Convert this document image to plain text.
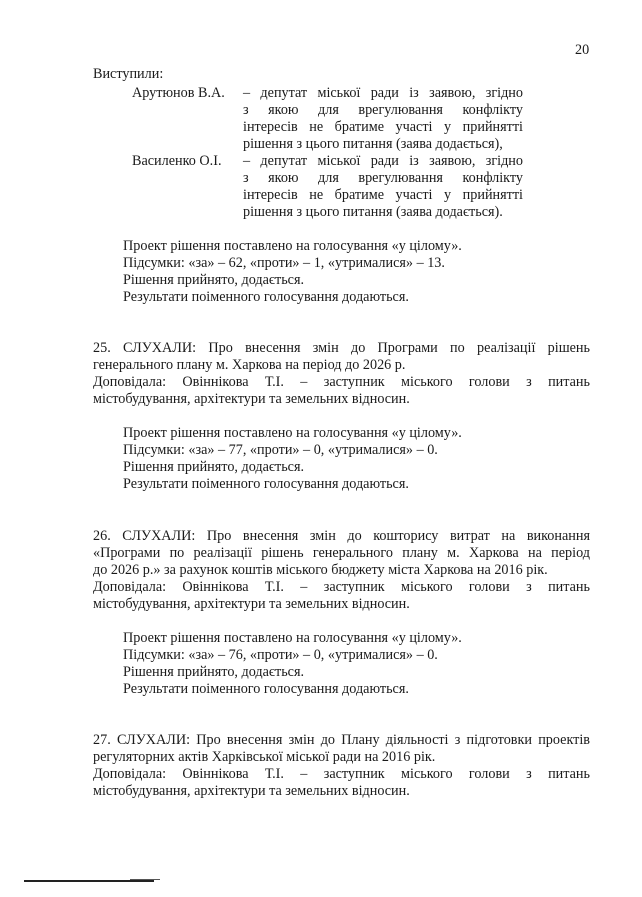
20
Виступили:
Арутюнов В.А. – депутат міської ради із заявою, згідно
з якою для врегулювання конфлікту
інтересів не братиме участі у прийнятті
рішення з цього питання (заява додається),
Василенко О.І. – депутат міської ради із заявою, згідно
з якою для врегулювання конфлікту
інтересів не братиме участі у прийнятті
рішення з цього питання (заява додається).
Проект рішення поставлено на голосування «у цілому».
Підсумки: «за» – 62, «проти» – 1, «утрималися» – 13.
Рішення прийнято, додається.
Результати поіменного голосування додаються.
25. СЛУХАЛИ: Про внесення змін до Програми по реалізації рішень
генерального плану м. Харкова на період до 2026 р.
Доповідала: Овіннікова Т.І. – заступник міського голови з питань
містобудування, архітектури та земельних відносин.
Проект рішення поставлено на голосування «у цілому».
Підсумки: «за» – 77, «проти» – 0, «утрималися» – 0.
Рішення прийнято, додається.
Результати поіменного голосування додаються.
26. СЛУХАЛИ: Про внесення змін до кошторису витрат на виконання
«Програми по реалізації рішень генерального плану м. Харкова на період
до 2026 р.» за рахунок коштів міського бюджету міста Харкова на 2016 рік.
Доповідала: Овіннікова Т.І. – заступник міського голови з питань
містобудування, архітектури та земельних відносин.
Проект рішення поставлено на голосування «у цілому».
Підсумки: «за» – 76, «проти» – 0, «утрималися» – 0.
Рішення прийнято, додається.
Результати поіменного голосування додаються.
27. СЛУХАЛИ: Про внесення змін до Плану діяльності з підготовки проектів
регуляторних актів Харківської міської ради на 2016 рік.
Доповідала: Овіннікова Т.І. – заступник міського голови з питань
містобудування, архітектури та земельних відносин.
